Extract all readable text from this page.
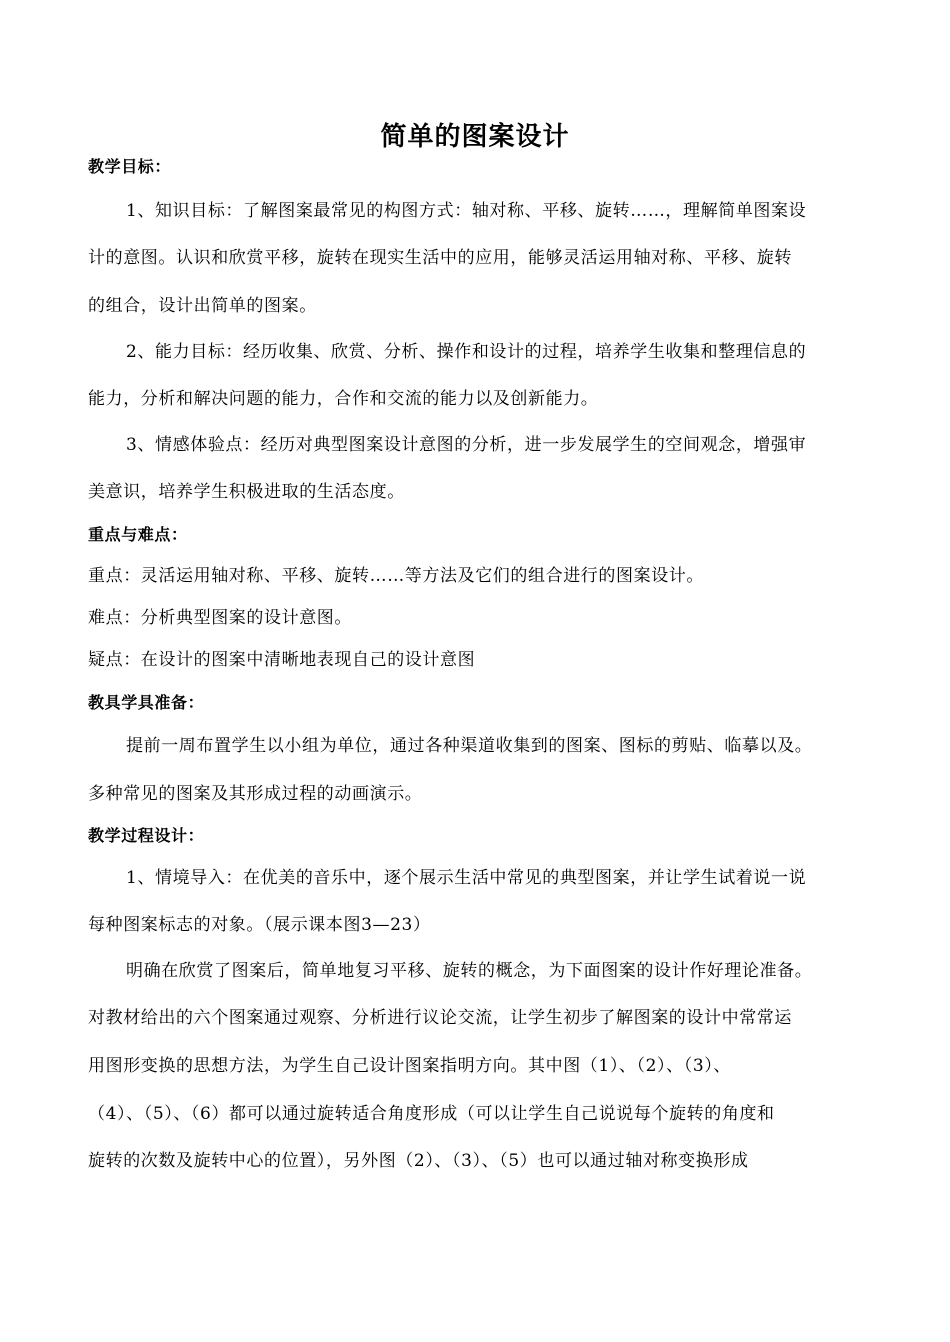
简单的图案设计
教学目标：
1、知识目标：了解图案最常见的构图方式：轴对称、平移、旋转……，理解简单图案设
计的意图。认识和欣赏平移，旋转在现实生活中的应用，能够灵活运用轴对称、平移、旋转
的组合，设计出简单的图案。
2、能力目标：经历收集、欣赏、分析、操作和设计的过程，培养学生收集和整理信息的
能力，分析和解决问题的能力，合作和交流的能力以及创新能力。
3、情感体验点：经历对典型图案设计意图的分析，进一步发展学生的空间观念，增强审
美意识，培养学生积极进取的生活态度。
重点与难点：
重点：灵活运用轴对称、平移、旋转……等方法及它们的组合进行的图案设计。
难点：分析典型图案的设计意图。
疑点：在设计的图案中清晰地表现自己的设计意图
教具学具准备：
提前一周布置学生以小组为单位，通过各种渠道收集到的图案、图标的剪贴、临摹以及。
多种常见的图案及其形成过程的动画演示。
教学过程设计：
1、情境导入：在优美的音乐中，逐个展示生活中常见的典型图案，并让学生试着说一说
每种图案标志的对象。（展示课本图3—23）
明确在欣赏了图案后，简单地复习平移、旋转的概念，为下面图案的设计作好理论准备。
对教材给出的六个图案通过观察、分析进行议论交流，让学生初步了解图案的设计中常常运
用图形变换的思想方法，为学生自己设计图案指明方向。其中图（1）、（2）、（3）、
（4）、（5）、（6）都可以通过旋转适合角度形成（可以让学生自己说说每个旋转的角度和
旋转的次数及旋转中心的位置），另外图（2）、（3）、（5）也可以通过轴对称变换形成
